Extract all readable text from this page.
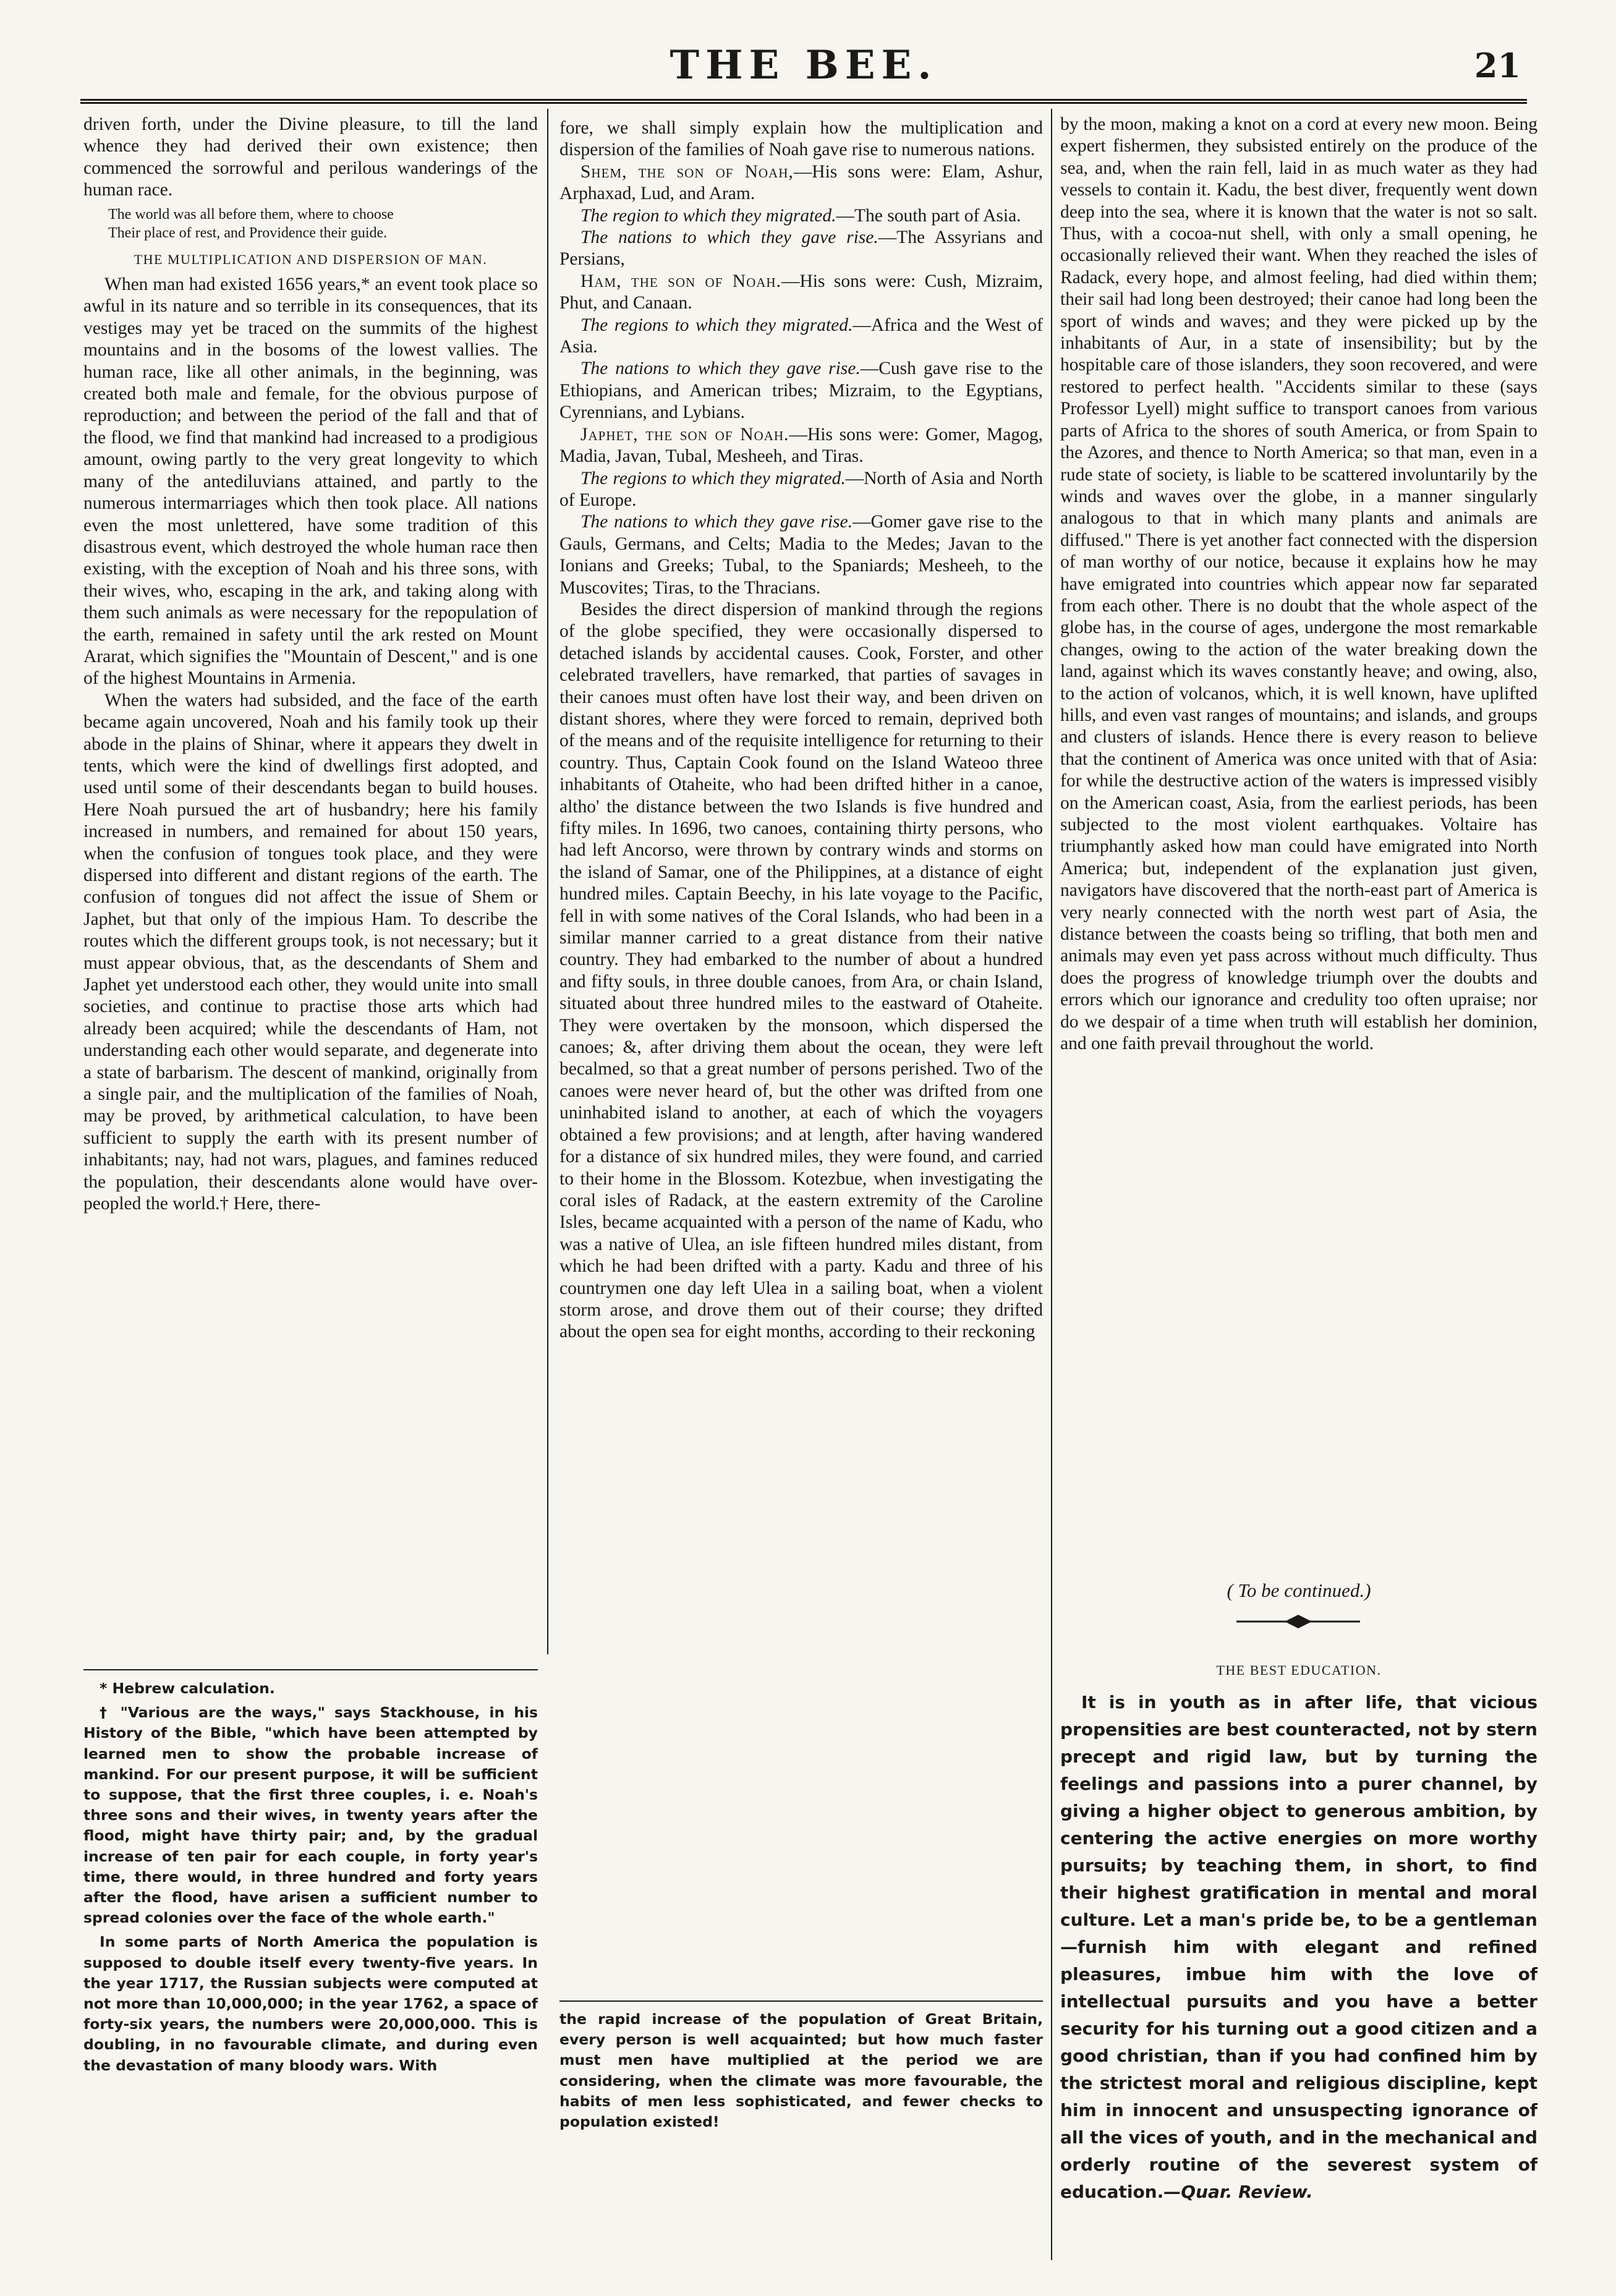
THE BEE.	21

driven forth, under the Divine pleasure, to till the land whence they had derived their own existence; then commenced the sorrowful and perilous wanderings of the human race.

The world was all before them, where to choose
Their place of rest, and Providence their guide.
THE MULTIPLICATION AND DISPERSION OF MAN.

When man had existed 1656 years,* an event took place so awful in its nature and so terrible in its consequences, that its vestiges may yet be traced on the summits of the highest mountains and in the bosoms of the lowest vallies. The human race, like all other animals, in the beginning, was created both male and female, for the obvious purpose of reproduction; and between the period of the fall and that of the flood, we find that mankind had increased to a prodigious amount, owing partly to the very great longevity to which many of the antediluvians attained, and partly to the numerous intermarriages which then took place. All nations even the most unlettered, have some tradition of this disastrous event, which destroyed the whole human race then existing, with the exception of Noah and his three sons, with their wives, who, escaping in the ark, and taking along with them such animals as were necessary for the repopulation of the earth, remained in safety until the ark rested on Mount Ararat, which signifies the "Mountain of Descent," and is one of the highest Mountains in Armenia.

When the waters had subsided, and the face of the earth became again uncovered, Noah and his family took up their abode in the plains of Shinar, where it appears they dwelt in tents, which were the kind of dwellings first adopted, and used until some of their descendants began to build houses. Here Noah pursued the art of husbandry; here his family increased in numbers, and remained for about 150 years, when the confusion of tongues took place, and they were dispersed into different and distant regions of the earth. The confusion of tongues did not affect the issue of Shem or Japhet, but that only of the impious Ham. To describe the routes which the different groups took, is not necessary; but it must appear obvious, that, as the descendants of Shem and Japhet yet understood each other, they would unite into small societies, and continue to practise those arts which had already been acquired; while the descendants of Ham, not understanding each other would separate, and degenerate into a state of barbarism. The descent of mankind, originally from a single pair, and the multiplication of the families of Noah, may be proved, by arithmetical calculation, to have been sufficient to supply the earth with its present number of inhabitants; nay, had not wars, plagues, and famines reduced the population, their descendants alone would have over-peopled the world.† Here, there-

* Hebrew calculation.

† "Various are the ways," says Stackhouse, in his History of the Bible, "which have been attempted by learned men to show the probable increase of mankind. For our present purpose, it will be sufficient to suppose, that the first three couples, i. e. Noah's three sons and their wives, in twenty years after the flood, might have thirty pair; and, by the gradual increase of ten pair for each couple, in forty year's time, there would, in three hundred and forty years after the flood, have arisen a sufficient number to spread colonies over the face of the whole earth."

In some parts of North America the population is supposed to double itself every twenty-five years. In the year 1717, the Russian subjects were computed at not more than 10,000,000; in the year 1762, a space of forty-six years, the numbers were 20,000,000. This is doubling, in no favourable climate, and during even the devastation of many bloody wars. With

fore, we shall simply explain how the multiplication and dispersion of the families of Noah gave rise to numerous nations.

Shem, the son of Noah,—His sons were: Elam, Ashur, Arphaxad, Lud, and Aram.

The region to which they migrated.—The south part of Asia.

The nations to which they gave rise.—The Assyrians and Persians,

Ham, the son of Noah.—His sons were: Cush, Mizraim, Phut, and Canaan.

The regions to which they migrated.—Africa and the West of Asia.

The nations to which they gave rise.—Cush gave rise to the Ethiopians, and American tribes; Mizraim, to the Egyptians, Cyrennians, and Lybians.

Japhet, the son of Noah.—His sons were: Gomer, Magog, Madia, Javan, Tubal, Mesheeh, and Tiras.

The regions to which they migrated.—North of Asia and North of Europe.

The nations to which they gave rise.—Gomer gave rise to the Gauls, Germans, and Celts; Madia to the Medes; Javan to the Ionians and Greeks; Tubal, to the Spaniards; Mesheeh, to the Muscovites; Tiras, to the Thracians.

Besides the direct dispersion of mankind through the regions of the globe specified, they were occasionally dispersed to detached islands by accidental causes. Cook, Forster, and other celebrated travellers, have remarked, that parties of savages in their canoes must often have lost their way, and been driven on distant shores, where they were forced to remain, deprived both of the means and of the requisite intelligence for returning to their country. Thus, Captain Cook found on the Island Wateoo three inhabitants of Otaheite, who had been drifted hither in a canoe, altho' the distance between the two Islands is five hundred and fifty miles. In 1696, two canoes, containing thirty persons, who had left Ancorso, were thrown by contrary winds and storms on the island of Samar, one of the Philippines, at a distance of eight hundred miles. Captain Beechy, in his late voyage to the Pacific, fell in with some natives of the Coral Islands, who had been in a similar manner carried to a great distance from their native country. They had embarked to the number of about a hundred and fifty souls, in three double canoes, from Ara, or chain Island, situated about three hundred miles to the eastward of Otaheite. They were overtaken by the monsoon, which dispersed the canoes; &, after driving them about the ocean, they were left becalmed, so that a great number of persons perished. Two of the canoes were never heard of, but the other was drifted from one uninhabited island to another, at each of which the voyagers obtained a few provisions; and at length, after having wandered for a distance of six hundred miles, they were found, and carried to their home in the Blossom. Kotezbue, when investigating the coral isles of Radack, at the eastern extremity of the Caroline Isles, became acquainted with a person of the name of Kadu, who was a native of Ulea, an isle fifteen hundred miles distant, from which he had been drifted with a party. Kadu and three of his countrymen one day left Ulea in a sailing boat, when a violent storm arose, and drove them out of their course; they drifted about the open sea for eight months, according to their reckoning

the rapid increase of the population of Great Britain, every person is well acquainted; but how much faster must men have multiplied at the period we are considering, when the climate was more favourable, the habits of men less sophisticated, and fewer checks to population existed!

by the moon, making a knot on a cord at every new moon. Being expert fishermen, they subsisted entirely on the produce of the sea, and, when the rain fell, laid in as much water as they had vessels to contain it. Kadu, the best diver, frequently went down deep into the sea, where it is known that the water is not so salt. Thus, with a cocoa-nut shell, with only a small opening, he occasionally relieved their want. When they reached the isles of Radack, every hope, and almost feeling, had died within them; their sail had long been destroyed; their canoe had long been the sport of winds and waves; and they were picked up by the inhabitants of Aur, in a state of insensibility; but by the hospitable care of those islanders, they soon recovered, and were restored to perfect health. "Accidents similar to these (says Professor Lyell) might suffice to transport canoes from various parts of Africa to the shores of south America, or from Spain to the Azores, and thence to North America; so that man, even in a rude state of society, is liable to be scattered involuntarily by the winds and waves over the globe, in a manner singularly analogous to that in which many plants and animals are diffused." There is yet another fact connected with the dispersion of man worthy of our notice, because it explains how he may have emigrated into countries which appear now far separated from each other. There is no doubt that the whole aspect of the globe has, in the course of ages, undergone the most remarkable changes, owing to the action of the water breaking down the land, against which its waves constantly heave; and owing, also, to the action of volcanos, which, it is well known, have uplifted hills, and even vast ranges of mountains; and islands, and groups and clusters of islands. Hence there is every reason to believe that the continent of America was once united with that of Asia: for while the destructive action of the waters is impressed visibly on the American coast, Asia, from the earliest periods, has been subjected to the most violent earthquakes. Voltaire has triumphantly asked how man could have emigrated into North America; but, independent of the explanation just given, navigators have discovered that the north-east part of America is very nearly connected with the north west part of Asia, the distance between the coasts being so trifling, that both men and animals may even yet pass across without much difficulty. Thus does the progress of knowledge triumph over the doubts and errors which our ignorance and credulity too often upraise; nor do we despair of a time when truth will establish her dominion, and one faith prevail throughout the world.

( To be continued.)
THE BEST EDUCATION.

It is in youth as in after life, that vicious propensities are best counteracted, not by stern precept and rigid law, but by turning the feelings and passions into a purer channel, by giving a higher object to generous ambition, by centering the active energies on more worthy pursuits; by teaching them, in short, to find their highest gratification in mental and moral culture. Let a man's pride be, to be a gentleman—furnish him with elegant and refined pleasures, imbue him with the love of intellectual pursuits and you have a better security for his turning out a good citizen and a good christian, than if you had confined him by the strictest moral and religious discipline, kept him in innocent and unsuspecting ignorance of all the vices of youth, and in the mechanical and orderly routine of the severest system of education.—Quar. Review.
